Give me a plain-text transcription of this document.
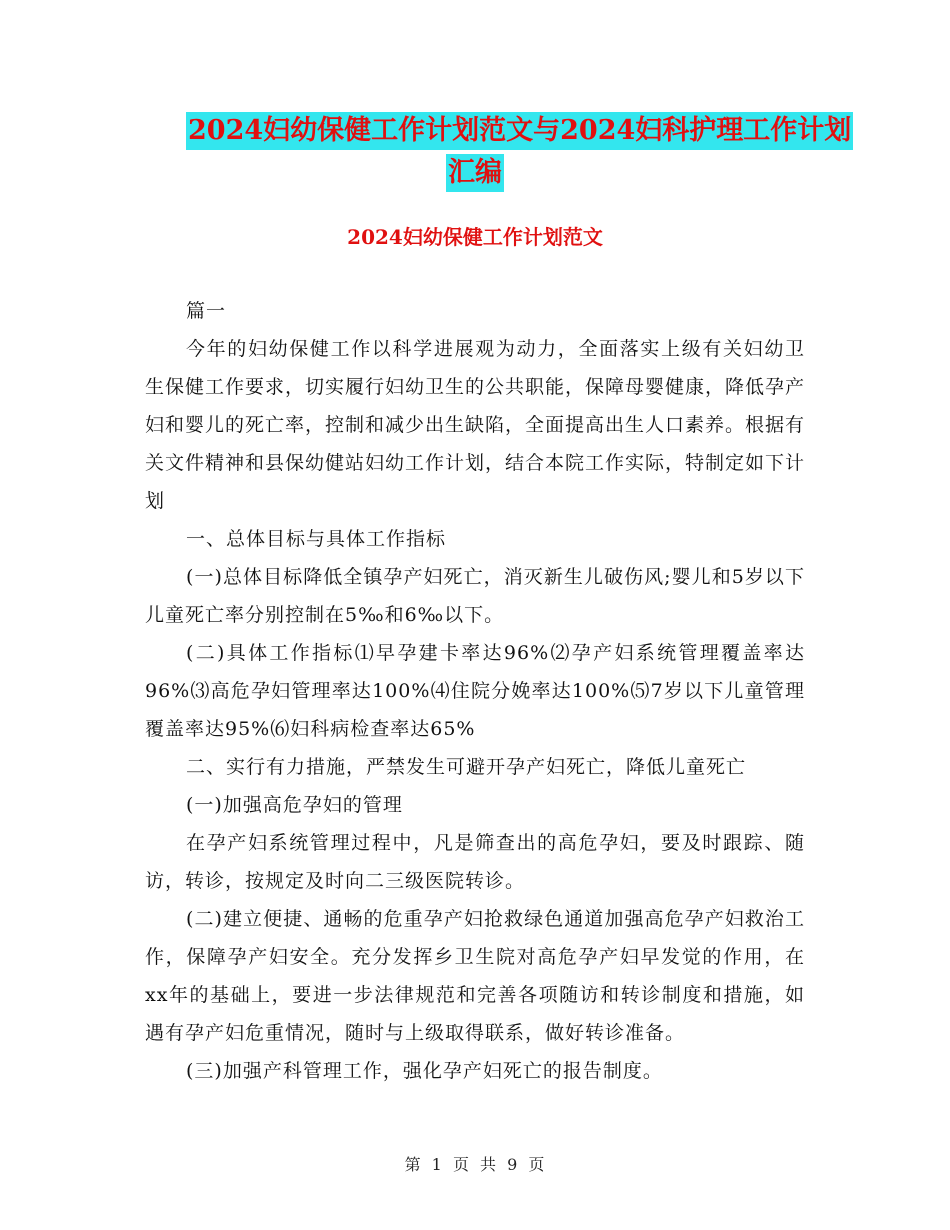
2024妇幼保健工作计划范文与2024妇科护理工作计划
汇编
2024妇幼保健工作计划范文

篇一

今年的妇幼保健工作以科学进展观为动力，全面落实上级有关妇幼卫生保健工作要求，切实履行妇幼卫生的公共职能，保障母婴健康，降低孕产妇和婴儿的死亡率，控制和减少出生缺陷，全面提高出生人口素养。根据有关文件精神和县保幼健站妇幼工作计划，结合本院工作实际，特制定如下计划

一、总体目标与具体工作指标

(一)总体目标降低全镇孕产妇死亡，消灭新生儿破伤风;婴儿和5岁以下儿童死亡率分别控制在5‰和6‰以下。

(二)具体工作指标⑴早孕建卡率达96%⑵孕产妇系统管理覆盖率达96%⑶高危孕妇管理率达100%⑷住院分娩率达100%⑸7岁以下儿童管理覆盖率达95%⑹妇科病检查率达65%

二、实行有力措施，严禁发生可避开孕产妇死亡，降低儿童死亡

(一)加强高危孕妇的管理

在孕产妇系统管理过程中，凡是筛查出的高危孕妇，要及时跟踪、随访，转诊，按规定及时向二三级医院转诊。

(二)建立便捷、通畅的危重孕产妇抢救绿色通道加强高危孕产妇救治工作，保障孕产妇安全。充分发挥乡卫生院对高危孕产妇早发觉的作用，在xx年的基础上，要进一步法律规范和完善各项随访和转诊制度和措施，如遇有孕产妇危重情况，随时与上级取得联系，做好转诊准备。

(三)加强产科管理工作，强化孕产妇死亡的报告制度。

第 1 页 共 9 页
